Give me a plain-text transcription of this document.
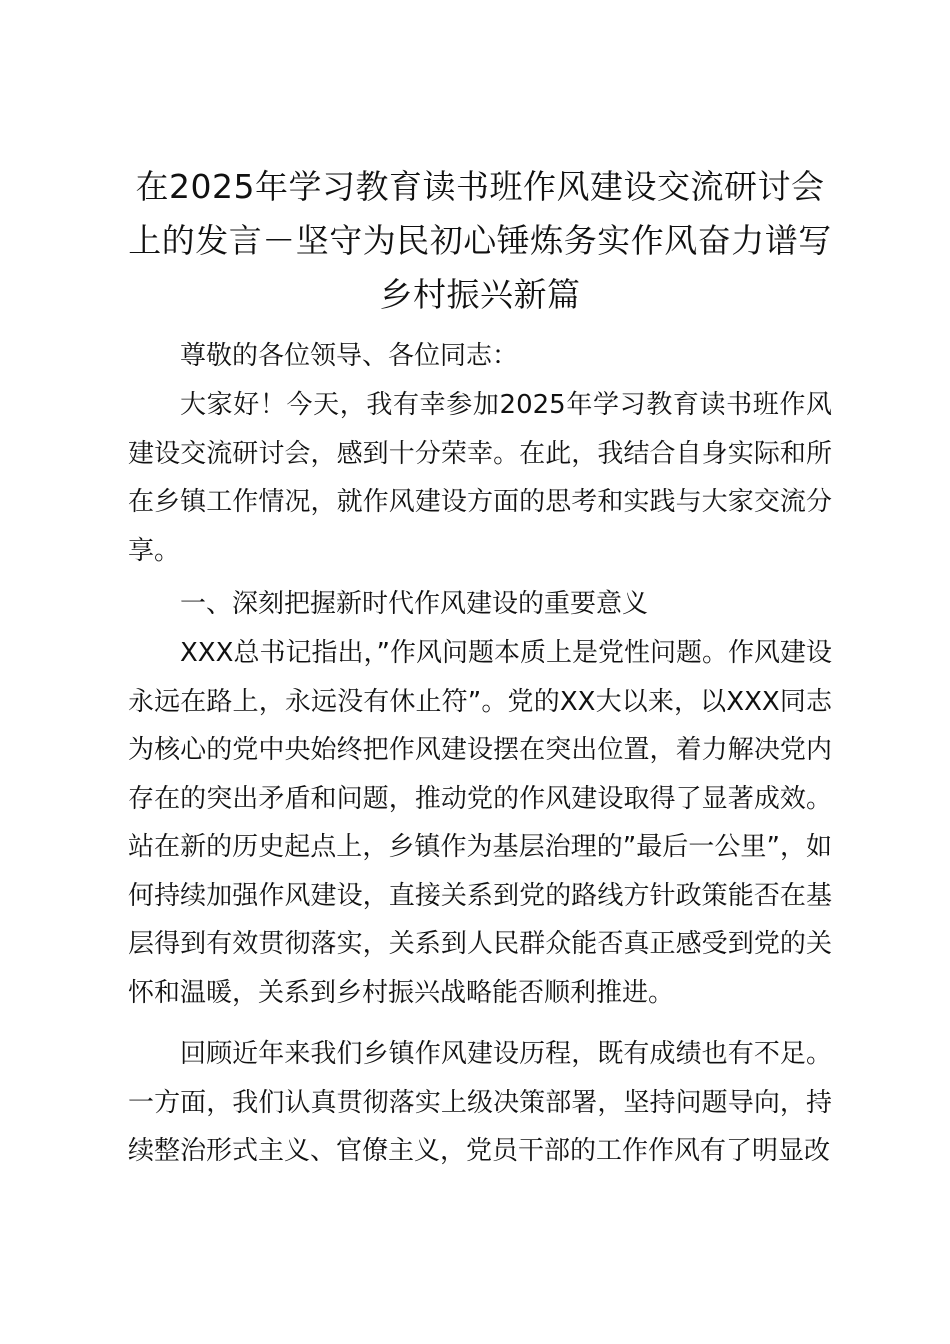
在2025年学习教育读书班作风建设交流研讨会上的发言－坚守为民初心锤炼务实作风奋力谱写乡村振兴新篇

尊敬的各位领导、各位同志：

大家好！今天，我有幸参加2025年学习教育读书班作风建设交流研讨会，感到十分荣幸。在此，我结合自身实际和所在乡镇工作情况，就作风建设方面的思考和实践与大家交流分享。

一、深刻把握新时代作风建设的重要意义

XXX总书记指出，”作风问题本质上是党性问题。作风建设永远在路上，永远没有休止符”。党的XX大以来，以XXX同志为核心的党中央始终把作风建设摆在突出位置，着力解决党内存在的突出矛盾和问题，推动党的作风建设取得了显著成效。站在新的历史起点上，乡镇作为基层治理的”最后一公里”，如何持续加强作风建设，直接关系到党的路线方针政策能否在基层得到有效贯彻落实，关系到人民群众能否真正感受到党的关怀和温暖，关系到乡村振兴战略能否顺利推进。

回顾近年来我们乡镇作风建设历程，既有成绩也有不足。一方面，我们认真贯彻落实上级决策部署，坚持问题导向，持续整治形式主义、官僚主义，党员干部的工作作风有了明显改
